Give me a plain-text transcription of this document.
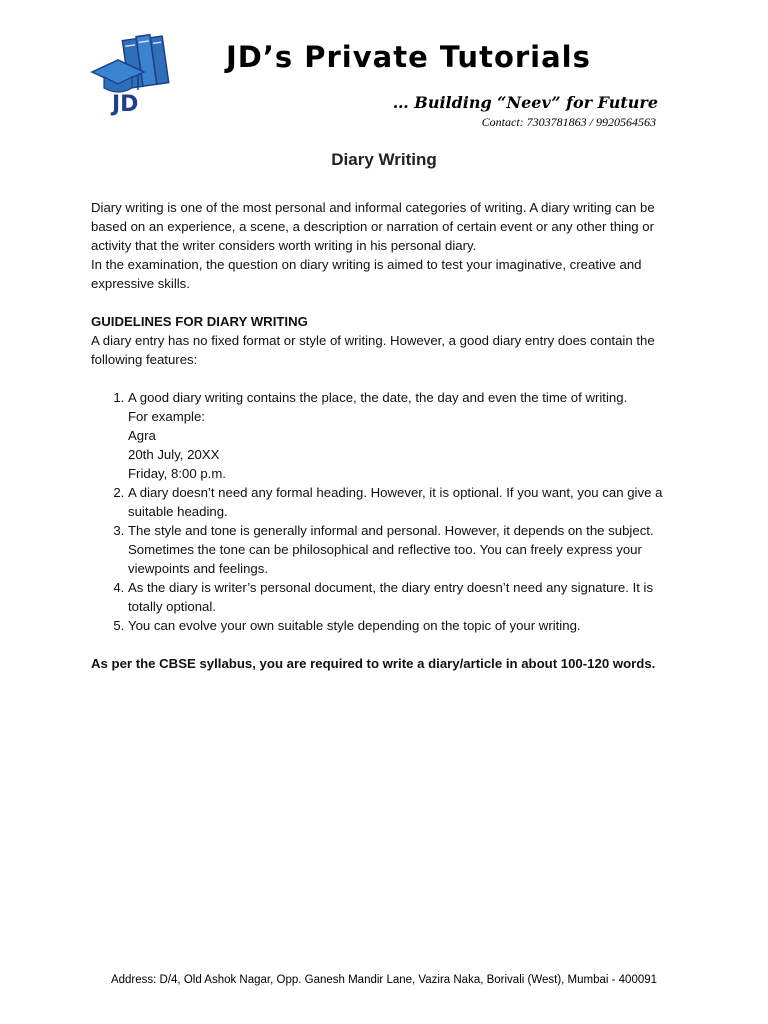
JD
JD’s Private Tutorials
… Building “Neev” for Future
Contact: 7303781863 / 9920564563
Diary Writing

Diary writing is one of the most personal and informal categories of writing. A diary writing can be based on an experience, a scene, a description or narration of certain event or any other thing or activity that the writer considers worth writing in his personal diary.

In the examination, the question on diary writing is aimed to test your imaginative, creative and expressive skills.

GUIDELINES FOR DIARY WRITING

A diary entry has no fixed format or style of writing. However, a good diary entry does contain the following features:

1. A good diary writing contains the place, the date, the day and even the time of writing.
For example:
Agra
20th July, 20XX
Friday, 8:00 p.m.
2. A diary doesn’t need any formal heading. However, it is optional. If you want, you can give a suitable heading.
3. The style and tone is generally informal and personal. However, it depends on the subject. Sometimes the tone can be philosophical and reflective too. You can freely express your viewpoints and feelings.
4. As the diary is writer’s personal document, the diary entry doesn’t need any signature. It is totally optional.
5. You can evolve your own suitable style depending on the topic of your writing.

As per the CBSE syllabus, you are required to write a diary/article in about 100-120 words.

Address: D/4, Old Ashok Nagar, Opp. Ganesh Mandir Lane, Vazira Naka, Borivali (West), Mumbai - 400091
